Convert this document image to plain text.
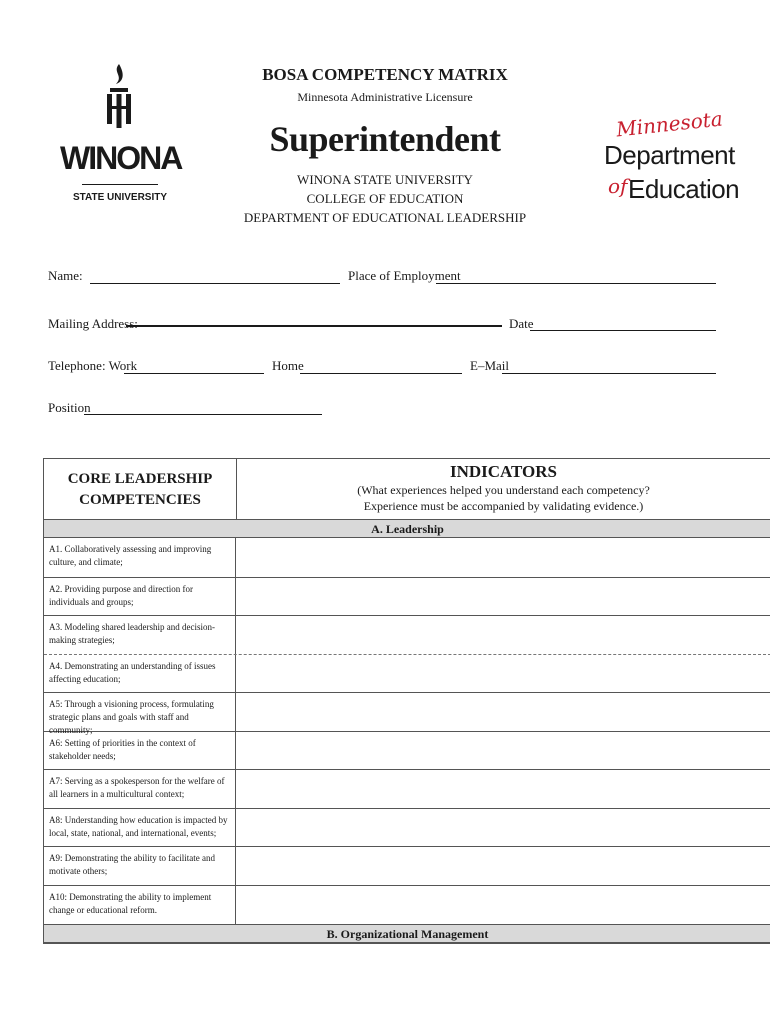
WINONA
STATE UNIVERSITY
Minnesota
Department
of Education
BOSA COMPETENCY MATRIX
Minnesota Administrative Licensure
Superintendent
WINONA STATE UNIVERSITY
COLLEGE OF EDUCATION
DEPARTMENT OF EDUCATIONAL LEADERSHIP
Name:	Place of Employment
Mailing Address:	Date
Telephone: Work	Home	E–Mail
Position
CORE LEADERSHIP
COMPETENCIES
INDICATORS
(What experiences helped you understand each competency?
Experience must be accompanied by validating evidence.)
A. Leadership
A1. Collaboratively assessing and improving culture, and climate;
A2. Providing purpose and direction for individuals and groups;
A3. Modeling shared leadership and decision-making strategies;
A4. Demonstrating an understanding of issues affecting education;
A5: Through a visioning process, formulating strategic plans and goals with staff and community;
A6: Setting of priorities in the context of stakeholder needs;
A7: Serving as a spokesperson for the welfare of all learners in a multicultural context;
A8: Understanding how education is impacted by local, state, national, and international, events;
A9: Demonstrating the ability to facilitate and motivate others;
A10: Demonstrating the ability to implement change or educational reform.
B. Organizational Management
